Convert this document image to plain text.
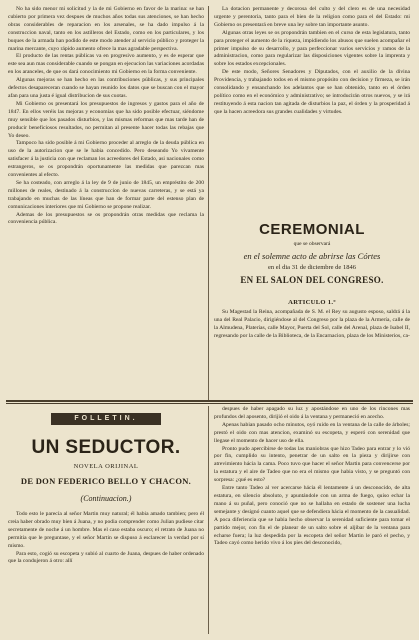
No ha sido menor mi solicitud y la de mi Gobierno en favor de la marina: se han cubierto por primera vez despues de muchos años todas sus atenciones, se han hecho obras considerables de reparacion en los arsenales, se ha dado impulso á la construccion naval, tanto en los astilleros del Estado, como en los particulares, y los buques de la armada han podido de este modo atender al servicio público y proteger la marina mercante, cuyo rápido aumento ofrece la mas agradable perspectiva.

El producto de las rentas públicas va en progresivo aumento, y es de esperar que este sea aun mas considerable cuando se pongan en ejecucion las variaciones acordadas en los aranceles, de que os dará conocimiento mi Gobierno en la forma conveniente.

Algunas mejoras se han hecho en las contribuciones públicas, y sus principales defectos desapareceran cuando se hayan reunido los datos que se buscan con el mayor afan para una justa é igual distribucion de sus cuotas.

Mi Gobierno os presentará los presupuestos de ingresos y gastos para el año de 1847. En ellos veréis las mejoras y economías que ha sido posible efectuar, siéndome muy sensible que los pasados disturbios, y las mismas reformas que mas tarde han de producir beneficiosos resultados, no permitan al presente hacer todas las rebajas que Yo deseo.

Tampoco ha sido posible á mi Gobierno proceder al arreglo de la deuda pública en uso de la autorizacion que se le habia concedido. Pero deseando Yo vivamente satisfacer á la justicia con que reclaman los acreedores del Estado, asi nacionales como estrangeros, se os propondrán oportunamente las medidas que parezcan mas convenientes al efecto.

Se ha costeado, con arreglo á la ley de 9 de junio de 1845, un empréstito de 200 millones de reales, destinado á la construccion de nuevas carreteras, y se está ya trabajando en muchas de las líneas que han de formar parte del estenso plan de comunicaciones interiores que mi Gobierno se propone realizar.

Ademas de los presupuestos se os propondrán otras medidas que reclama la conveniencia pública.

La dotacion permanente y decorosa del culto y del clero es de una necesidad urgente y perentoria, tanto para el bien de la religion como para el del Estado: mi Gobierno os presentará en breve una ley sobre tan importante asunto.

Algunas otras leyes se os propondrán tambien en el curso de esta legislatura, tanto para proteger el aumento de la riqueza, impidiendo los abusos que suelen acompañar el primer impulso de su desarrollo, y para perfeccionar varios servicios y ramos de la administracion, como para regularizar las disposiciones vigentes sobre la imprenta y sobre los estados excepcionales.

De este modo, Señores Senadores y Diputados, con el auxilio de la divina Providencia, y trabajando todos en el mismo propósito con decision y firmeza, se irán consolidando y ensanchando los adelantos que se han obtenido, tanto en el órden político como en el económico y administrativo; se introducirán otros nuevos, y se irá restituyendo á esta nacion tan agitada de disturbios la paz, el órden y la prosperidad á que la hacen acreedora sus grandes cualidades y virtudes.

CEREMONIAL
que se observará
en el solemne acto de abrirse las Córtes
en el dia 31 de diciembre de 1846
EN EL SALON DEL CONGRESO.
ARTICULO 1.º

Su Magestad la Reina, acompañada de S. M. el Rey su augusto esposo, saldrá á la una del Real Palacio, dirigiéndose al del Congreso por la plaza de la Armería, calle de la Almudena, Platerías, calle Mayor, Puerta del Sol, calle del Arenal, plaza de Isabel II, regresando por la calle de la Biblioteca, de la Encarnacion, plaza de los Ministerios, ca-

FOLLETIN.
UN SEDUCTOR.
NOVELA ORIJINAL
DE DON FEDERICO BELLO Y CHACON.
(Continuacion.)

Todo esto le parecía al señor Martin muy natural; él habia amado tambien; pero él creia haber obrado muy bien á Juana, y no podia comprender como Julian pudiese citar secretamente de noche á un hombre. Mas el caso estaba oscuro; el retrato de Juana no permitia que le preguntase, y el señor Martin se dispuso á esclarecer la verdad por sí mismo.

Para esto, cogió su escopeta y subió al cuarto de Juana, despues de haber ordenado que la condujeron á otro: allí

despues de haber apagado su luz y apostándose en uno de los rincones mas profundos del aposento, dirijió el oido á la ventana y permaneció en acecho.

Apenas habian pasado ocho minutos, oyó ruido en la ventana de la calle de árboles; prestó el oido con mas atencion, examinó su escopeta, y esperó con serenidad que llegase el momento de hacer uso de ella.

Pronto pudo apercibirse de todas las maniobras que hizo Tadeo para entrar y lo vió por fin, cumplido su intento, penetrar de un salto en la pieza y dirijirse con atrevimiento hácia la cama. Poco tuvo que hacer el señor Martin para convencerse por la estatura y el aire de Tadeo que no era el mismo que habia visto, y se preguntó con sorpresa: ¿qué es esto?

Entre tanto Tadeo al ver acercarse hácia él lentamente á un desconocido, de alta estatura, en silencio absoluto, y apuntándole con un arma de fuego, quiso echar la mano á su puñal, pero conoció que no se hallaba en estado de sostener una lucha semejante y designó cuanto aquel que se defendiera hácia el momento de la casualidad. A poca diferiencia que se habia hecho observar la serenidad suficiente para tomar el partido mejor, con fin el de planear de un salto sobre el aljibar de la ventana para echarse fuera; la luz despedida por la escopeta del señor Martin le paró el pecho, y Tadeo cayó como herido vivo á los pies del desconocido,
